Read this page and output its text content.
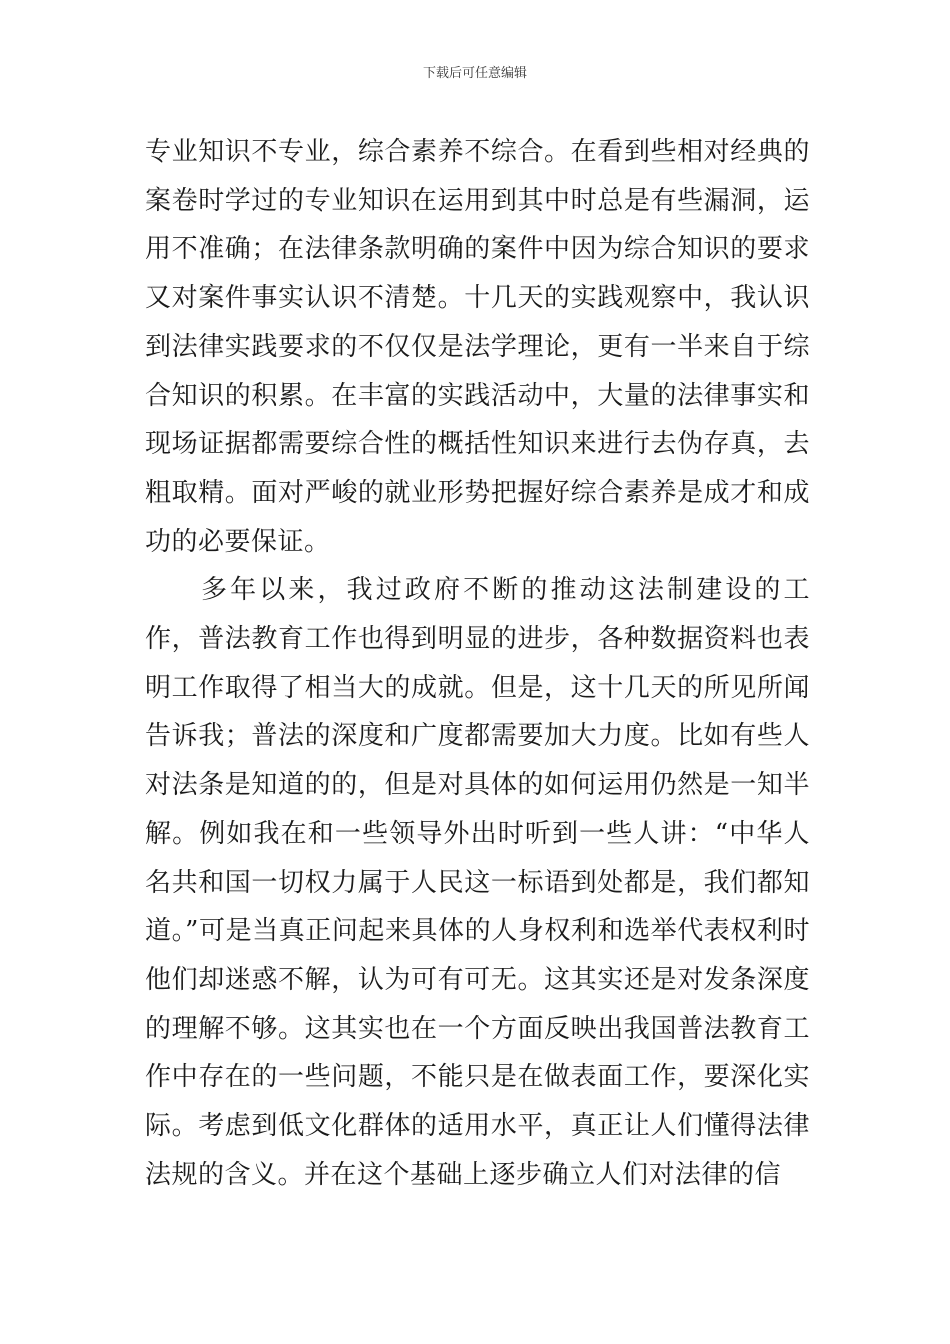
下载后可任意编辑

专业知识不专业，综合素养不综合。在看到些相对经典的案卷时学过的专业知识在运用到其中时总是有些漏洞，运用不准确；在法律条款明确的案件中因为综合知识的要求又对案件事实认识不清楚。十几天的实践观察中，我认识到法律实践要求的不仅仅是法学理论，更有一半来自于综合知识的积累。在丰富的实践活动中，大量的法律事实和现场证据都需要综合性的概括性知识来进行去伪存真，去粗取精。面对严峻的就业形势把握好综合素养是成才和成功的必要保证。

多年以来，我过政府不断的推动这法制建设的工作，普法教育工作也得到明显的进步，各种数据资料也表明工作取得了相当大的成就。但是，这十几天的所见所闻告诉我；普法的深度和广度都需要加大力度。比如有些人对法条是知道的的，但是对具体的如何运用仍然是一知半解。例如我在和一些领导外出时听到一些人讲：“中华人名共和国一切权力属于人民这一标语到处都是，我们都知道。”可是当真正问起来具体的人身权利和选举代表权利时他们却迷惑不解，认为可有可无。这其实还是对发条深度的理解不够。这其实也在一个方面反映出我国普法教育工作中存在的一些问题，不能只是在做表面工作，要深化实际。考虑到低文化群体的适用水平，真正让人们懂得法律法规的含义。并在这个基础上逐步确立人们对法律的信
